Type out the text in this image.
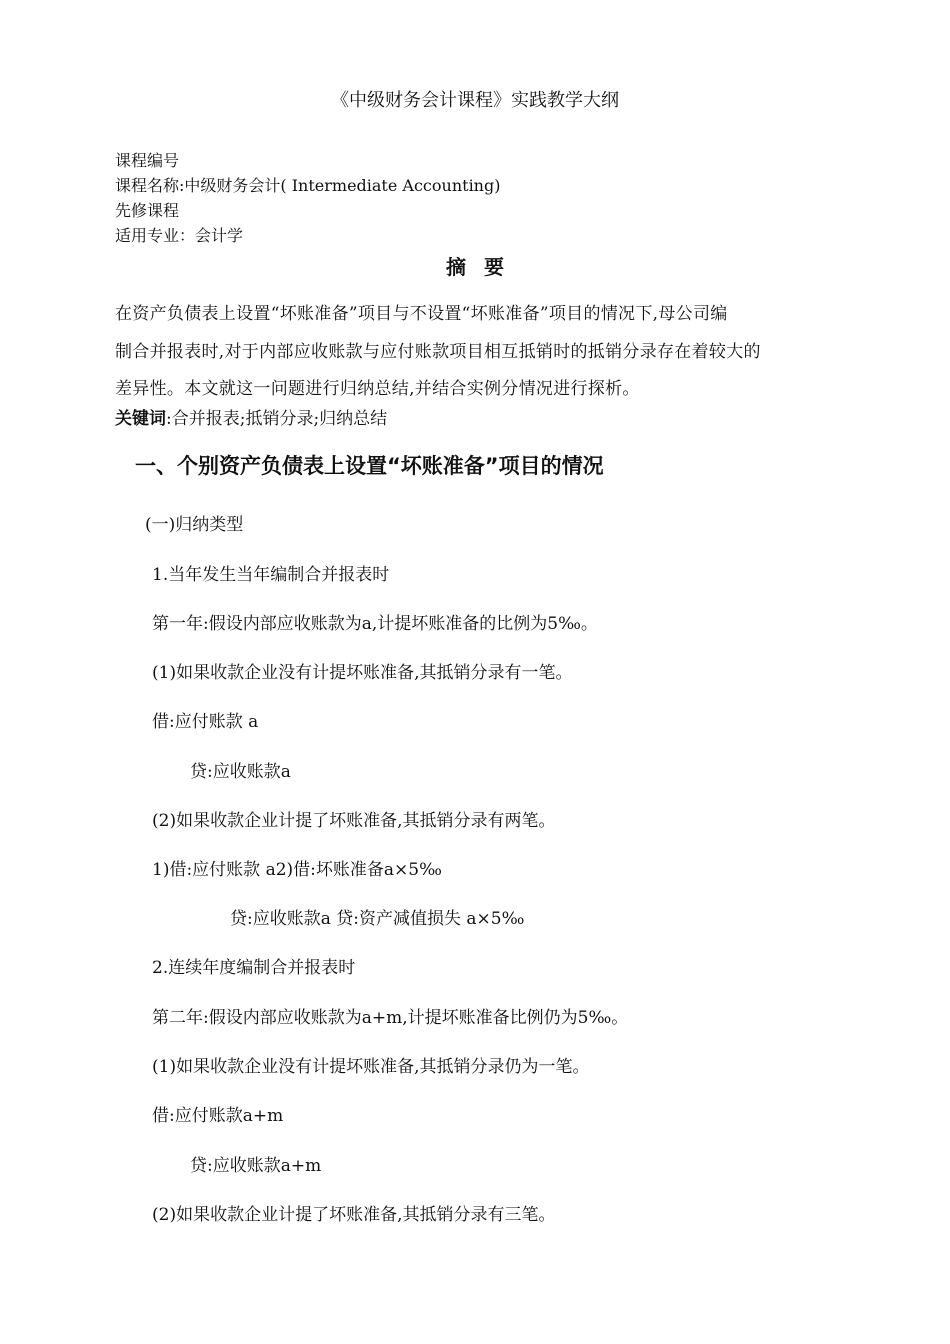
《中级财务会计课程》实践教学大纲
课程编号
课程名称:中级财务会计( Intermediate Accounting)
先修课程
适用专业：会计学
摘要
在资产负债表上设置“坏账准备”项目与不设置“坏账准备”项目的情况下,母公司编
制合并报表时,对于内部应收账款与应付账款项目相互抵销时的抵销分录存在着较大的
差异性。本文就这一问题进行归纳总结,并结合实例分情况进行探析。
关键词:合并报表;抵销分录;归纳总结
一、个别资产负债表上设置“坏账准备”项目的情况
(一)归纳类型
1.当年发生当年编制合并报表时
第一年:假设内部应收账款为a,计提坏账准备的比例为5‰。
(1)如果收款企业没有计提坏账准备,其抵销分录有一笔。
借:应付账款 a
贷:应收账款a
(2)如果收款企业计提了坏账准备,其抵销分录有两笔。
1)借:应付账款 a2)借:坏账准备a×5‰
贷:应收账款a 贷:资产减值损失 a×5‰
2.连续年度编制合并报表时
第二年:假设内部应收账款为a+m,计提坏账准备比例仍为5‰。
(1)如果收款企业没有计提坏账准备,其抵销分录仍为一笔。
借:应付账款a+m
贷:应收账款a+m
(2)如果收款企业计提了坏账准备,其抵销分录有三笔。
